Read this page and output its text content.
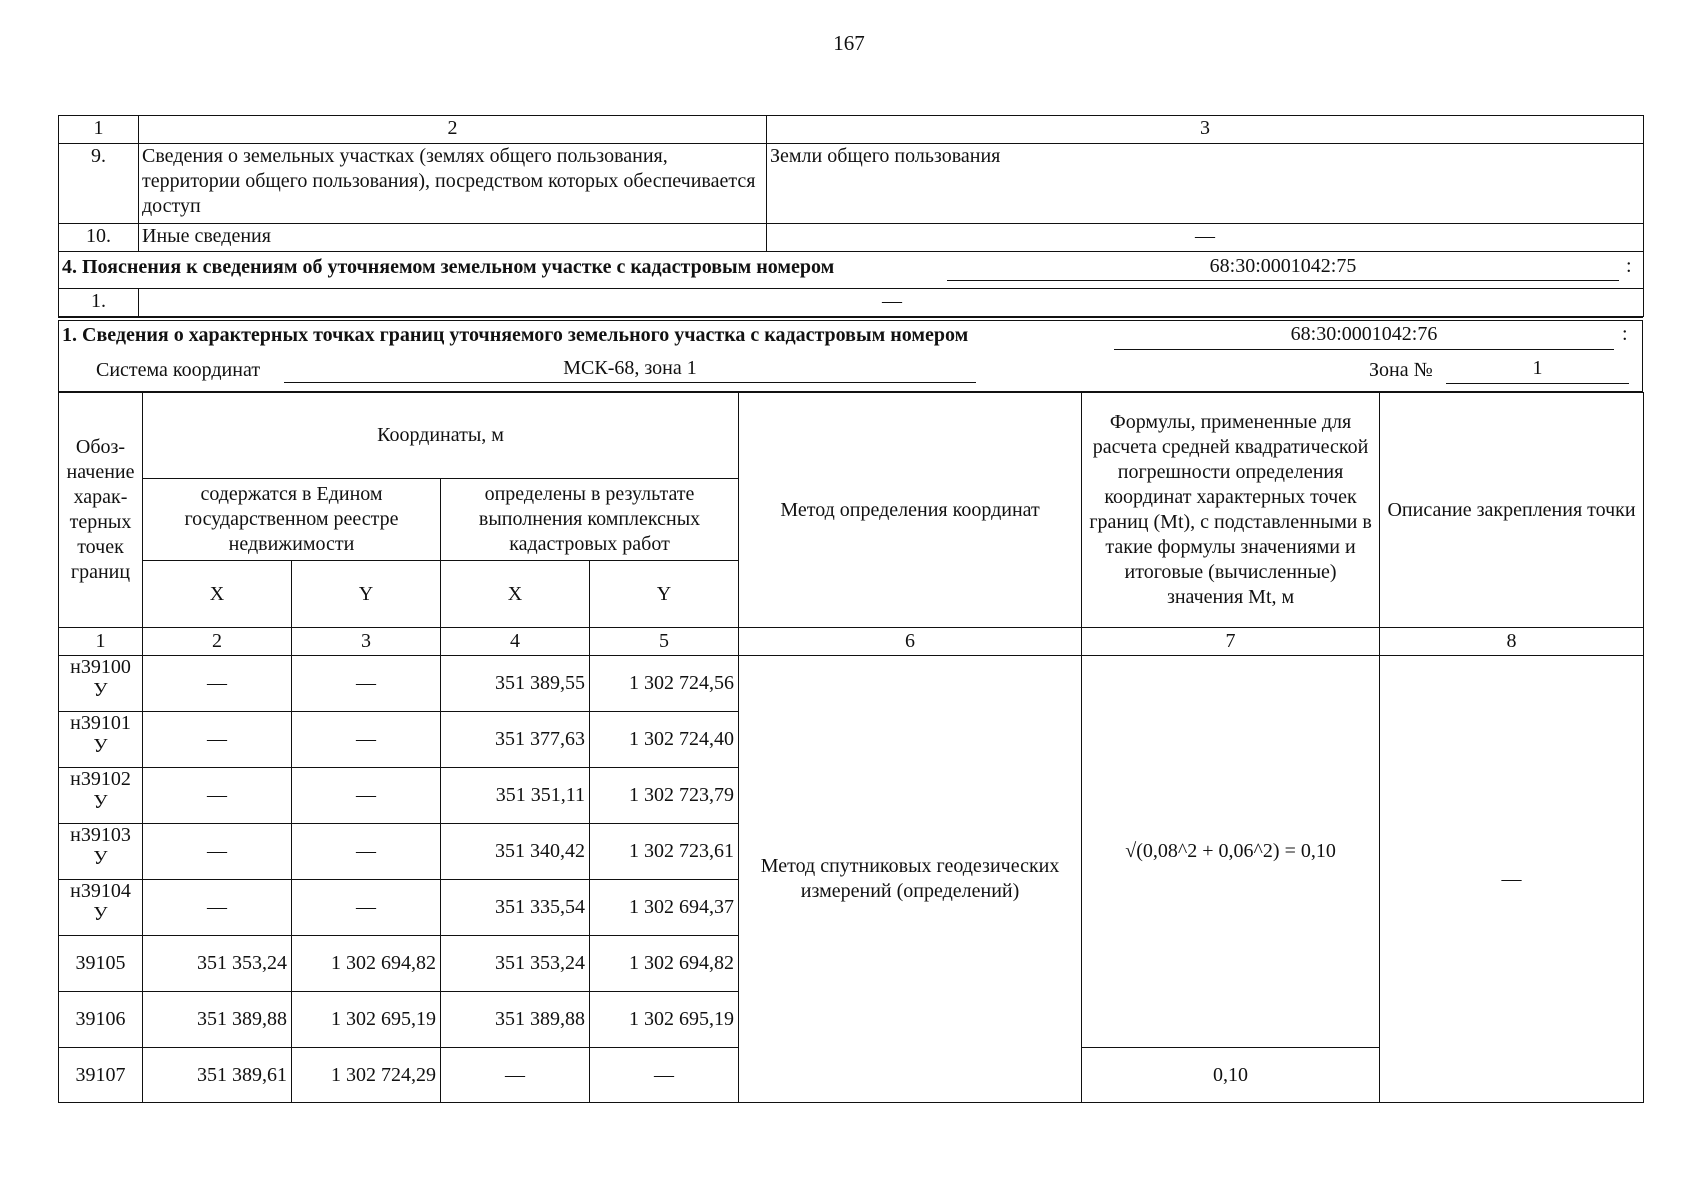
167
1	2	3
9.	Сведения о земельных участках (землях общего пользования, территории общего пользования), посредством которых обеспечивается доступ	Земли общего пользования
10.	Иные сведения	—

4. Пояснения к сведениям об уточняемом земельном участке с кадастровым номером 68:30:0001042:75 :		

1.	—	
1. Сведения о характерных точках границ уточняемого земельного участка с кадастровым номером	68:30:0001042:76	:
Система координат	МСК-68, зона 1	Зона №	1
Обоз-начение харак-терных точек границ	Координаты, м				Метод определения координат	Формулы, примененные для расчета средней квадратической погрешности определения координат характерных точек границ (Mt), с подставленными в такие формулы значениями и итоговые (вычисленные) значения Mt, м	Описание закрепления точки
	содержатся в Едином государственном реестре недвижимости		определены в результате выполнения комплексных кадастровых работ				
	X	Y	X	Y			
1	2	3	4	5	6	7	8
н39100 У	—	—	351 389,55	1 302 724,56	Метод спутниковых геодезических измерений (определений)	√(0,08^2 + 0,06^2) = 0,10	—
н39101 У	—	—	351 377,63	1 302 724,40			
н39102 У	—	—	351 351,11	1 302 723,79			
н39103 У	—	—	351 340,42	1 302 723,61			
н39104 У	—	—	351 335,54	1 302 694,37			
39105	351 353,24	1 302 694,82	351 353,24	1 302 694,82			
39106	351 389,88	1 302 695,19	351 389,88	1 302 695,19			
39107	351 389,61	1 302 724,29	—	—		0,10	
